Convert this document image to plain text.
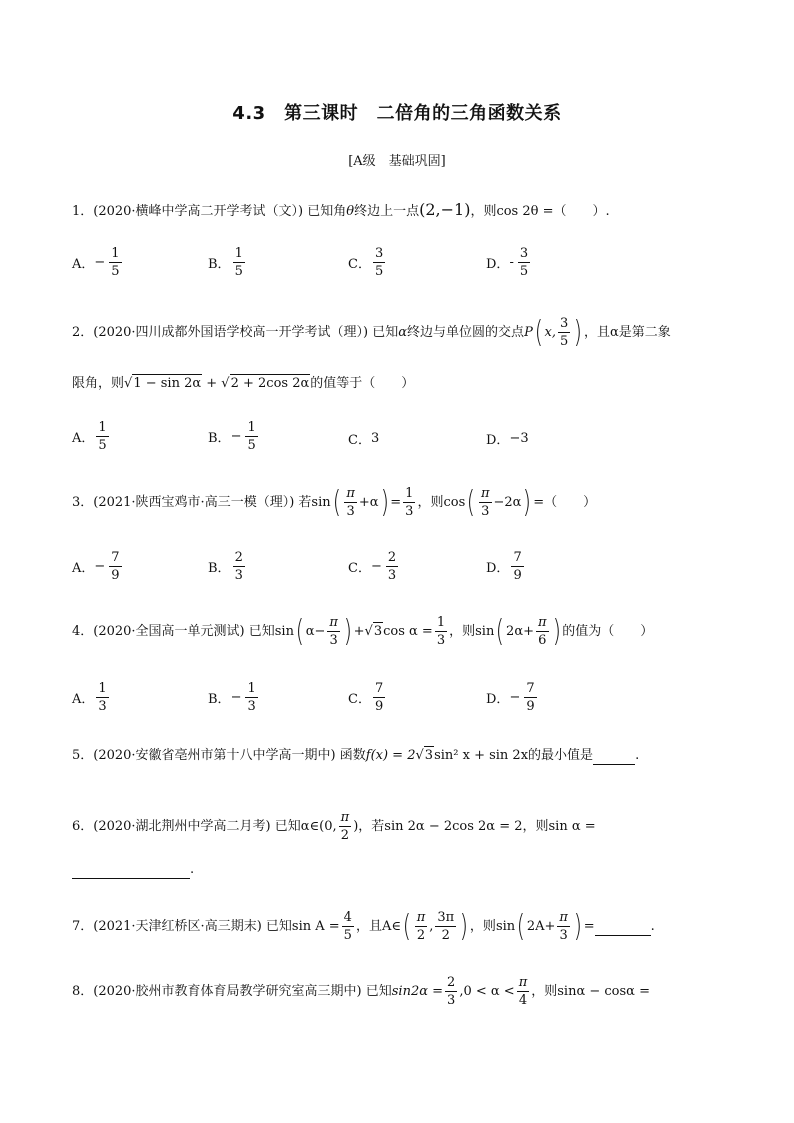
4.3　第三课时　二倍角的三角函数关系
[A级　基础巩固]
1．(2020·横峰中学高二开学考试（文）) 已知角θ终边上一点(2,−1)，则cos 2θ =（　　）.
A． − $\frac{1}{5}$	B． $\frac{1}{5}$	C． $\frac{3}{5}$	D． - $\frac{3}{5}$
2．(2020·四川成都外国语学校高一开学考试（理）) 已知 α 终边与单位圆的交点 P ( x, $\frac{3}{5}$ ) ，且α是第二象
限角，则 √ 1 − sin 2α + √ 2 + 2cos 2α 的值等于（　　）
A． $\frac{1}{5}$	B． − $\frac{1}{5}$	C． 3	D． −3
3．(2021·陕西宝鸡市·高三一模（理）) 若 sin ( $\frac{\pi}{3} +\alpha$ ) = $\frac{1}{3}$ ，则 cos ( $\frac{\pi}{3} -2\alpha$ ) =（　　）
A． − $\frac{7}{9}$	B． $\frac{2}{3}$	C． − $\frac{2}{3}$	D． $\frac{7}{9}$
4．(2020·全国高一单元测试) 已知 sin ( $\alpha- \frac{\pi}{3}$ ) + √ 3 $\cos \alpha = \frac{1}{3}$ ，则 sin ( $2\alpha+ \frac{\pi}{6}$ ) 的值为（　　）
A． $\frac{1}{3}$	B． − $\frac{1}{3}$	C． $\frac{7}{9}$	D． − $\frac{7}{9}$
5．(2020·安徽省亳州市第十八中学高一期中) 函数f(x) = 2 √ 3 sin² x + sin 2x的最小值是	.
6．(2020·湖北荆州中学高二月考) 已知 α∈(0, $\frac{\pi}{2}$ ) ，若 sin 2α − 2cos 2α = 2 ，则sin α =
.
7．(2021·天津红桥区·高三期末) 已知 $\sin A = \frac{4}{5}$ ，且 A∈ ( $\frac{\pi}{2}$ , $\frac{3\pi}{2}$ ) ，则 sin ( $2A+ \frac{\pi}{3}$ ) =	.
8．(2020·胶州市教育体育局教学研究室高三期中) 已知 $\sin 2\alpha = \frac{2}{3} ,0 < \alpha < \frac{\pi}{4}$ ，则sinα − cosα =
